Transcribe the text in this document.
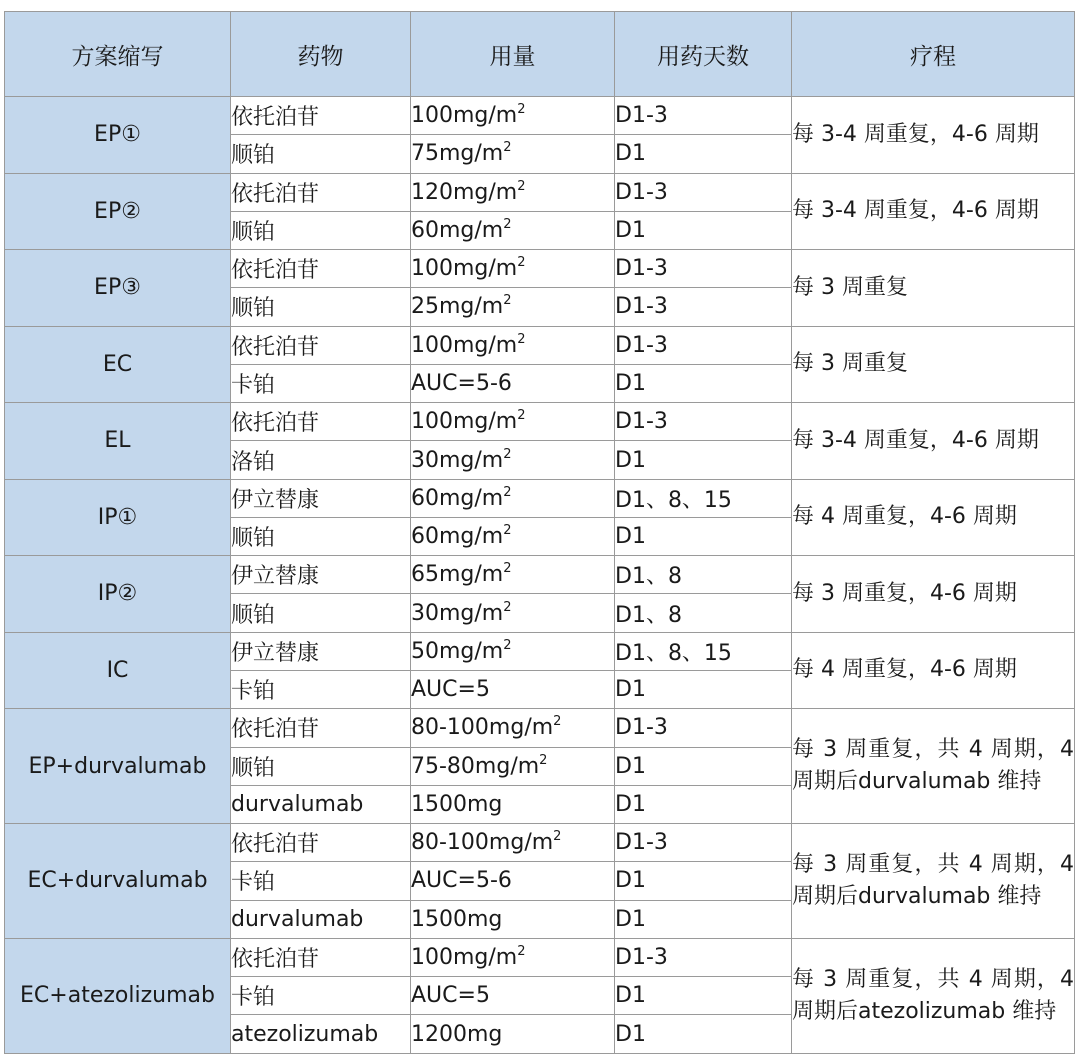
方案缩写	药物	用量	用药天数	疗程
EP①	依托泊苷	$100mg/m^2$	D1-3	每 3-4 周重复，4-6 周期
	顺铂	$75mg/m^2$	D1	
EP②	依托泊苷	$120mg/m^2$	D1-3	每 3-4 周重复，4-6 周期
	顺铂	$60mg/m^2$	D1	
EP③	依托泊苷	$100mg/m^2$	D1-3	每 3 周重复
	顺铂	$25mg/m^2$	D1-3	
EC	依托泊苷	$100mg/m^2$	D1-3	每 3 周重复
	卡铂	AUC=5-6	D1	
EL	依托泊苷	$100mg/m^2$	D1-3	每 3-4 周重复，4-6 周期
	洛铂	$30mg/m^2$	D1	
IP①	伊立替康	$60mg/m^2$	D1、8、15	每 4 周重复，4-6 周期
	顺铂	$60mg/m^2$	D1	
IP②	伊立替康	$65mg/m^2$	D1、8	每 3 周重复，4-6 周期
	顺铂	$30mg/m^2$	D1、8	
IC	伊立替康	$50mg/m^2$	D1、8、15	每 4 周重复，4-6 周期
	卡铂	AUC=5	D1	
EP+durvalumab	依托泊苷	$80-100mg/m^2$	D1-3	每 3 周重复，共 4 周期，4 周期后durvalumab 维持
	顺铂	$75-80mg/m^2$	D1	
	durvalumab	1500mg	D1	
EC+durvalumab	依托泊苷	$80-100mg/m^2$	D1-3	每 3 周重复，共 4 周期，4 周期后durvalumab 维持
	卡铂	AUC=5-6	D1	
	durvalumab	1500mg	D1	
EC+atezolizumab	依托泊苷	$100mg/m^2$	D1-3	每 3 周重复，共 4 周期，4 周期后atezolizumab 维持
	卡铂	AUC=5	D1	
	atezolizumab	1200mg	D1	
